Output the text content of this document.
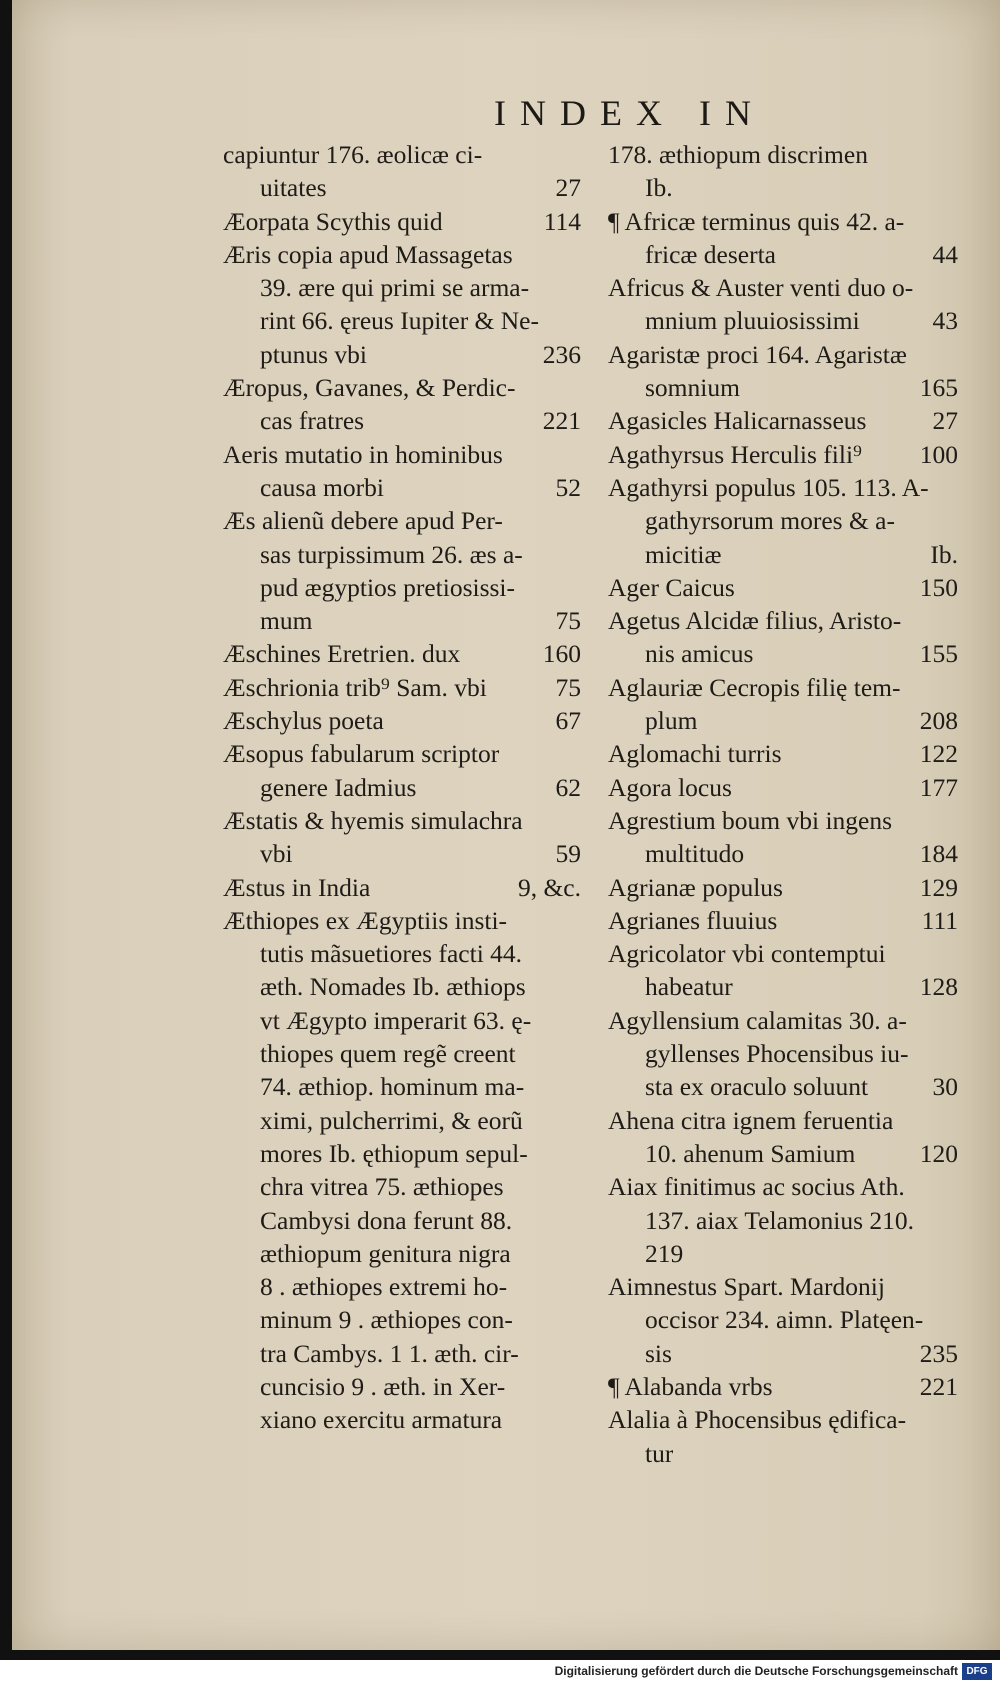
INDEX IN
capiuntur 176. æolicæ ci-
uitates	27
Æorpata Scythis quid	114
Æris copia apud Massagetas
39. ære qui primi se arma-
rint 66. ęreus Iupiter & Ne-
ptunus vbi	236
Æropus, Gavanes, & Perdic-
cas fratres	221
Aeris mutatio in hominibus
causa morbi	52
Æs alienũ debere apud Per-
sas turpissimum 26. æs a-
pud ægyptios pretiosissi-
mum	75
Æschines Eretrien. dux	160
Æschrionia trib⁹ Sam. vbi	75
Æschylus poeta	67
Æsopus fabularum scriptor
genere Iadmius	62
Æstatis & hyemis simulachra
vbi	59
Æstus in India	9, &c.
Æthiopes ex Ægyptiis insti-
tutis mãsuetiores facti 44.
æth. Nomades Ib. æthiops
vt Ægypto imperarit 63. ę-
thiopes quem regẽ creent
74. æthiop. hominum ma-
ximi, pulcherrimi, & eorũ
mores Ib. ęthiopum sepul-
chra vitrea 75. æthiopes
Cambysi dona ferunt 88.
æthiopum genitura nigra
8 . æthiopes extremi ho-
minum 9 . æthiopes con-
tra Cambys. 1 1. æth. cir-
cuncisio 9 . æth. in Xer-
xiano exercitu armatura
178. æthiopum discrimen
Ib.
¶ Africæ terminus quis 42. a-
fricæ deserta	44
Africus & Auster venti duo o-
mnium pluuiosissimi	43
Agaristæ proci 164. Agaristæ
somnium	165
Agasicles Halicarnasseus	27
Agathyrsus Herculis fili⁹ 100
Agathyrsi populus 105. 113. A-
gathyrsorum mores & a-
micitiæ	Ib.
Ager Caicus	150
Agetus Alcidæ filius, Aristo-
nis amicus	155
Aglauriæ Cecropis filię tem-
plum	208
Aglomachi turris	122
Agora locus	177
Agrestium boum vbi ingens
multitudo	184
Agrianæ populus	129
Agrianes fluuius	111
Agricolator vbi contemptui
habeatur	128
Agyllensium calamitas 30. a-
gyllenses Phocensibus iu-
sta ex oraculo soluunt	30
Ahena citra ignem feruentia
10. ahenum Samium	120
Aiax finitimus ac socius Ath.
137. aiax Telamonius 210.
219
Aimnestus Spart. Mardonij
occisor 234. aimn. Platęen-
sis	235
¶ Alabanda vrbs	221
Alalia à Phocensibus ędifica-
tur
Digitalisierung gefördert durch die Deutsche Forschungsgemeinschaft DFG
